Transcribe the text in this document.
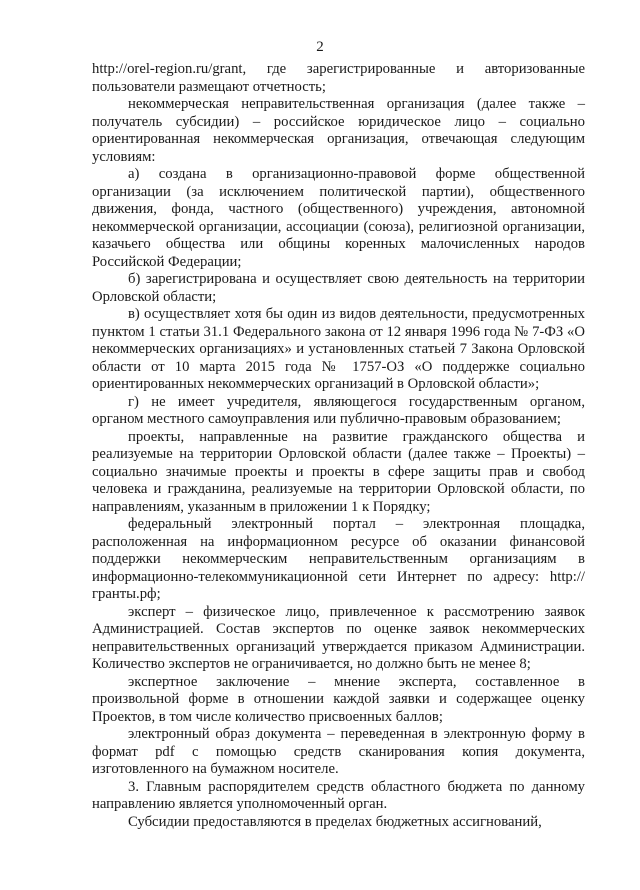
2

http://orel-region.ru/grant, где зарегистрированные и авторизованные пользователи размещают отчетность;

некоммерческая неправительственная организация (далее также – получатель субсидии) – российское юридическое лицо – социально ориентированная некоммерческая организация, отвечающая следующим условиям:

а) создана в организационно-правовой форме общественной организации (за исключением политической партии), общественного движения, фонда, частного (общественного) учреждения, автономной некоммерческой организации, ассоциации (союза), религиозной организации, казачьего общества или общины коренных малочисленных народов Российской Федерации;

б) зарегистрирована и осуществляет свою деятельность на территории Орловской области;

в) осуществляет хотя бы один из видов деятельности, предусмотренных пунктом 1 статьи 31.1 Федерального закона от 12 января 1996 года № 7-ФЗ «О некоммерческих организациях» и установленных статьей 7 Закона Орловской области от 10 марта 2015 года № 1757-ОЗ «О поддержке социально ориентированных некоммерческих организаций в Орловской области»;

г) не имеет учредителя, являющегося государственным органом, органом местного самоуправления или публично-правовым образованием;

проекты, направленные на развитие гражданского общества и реализуемые на территории Орловской области (далее также – Проекты) – социально значимые проекты и проекты в сфере защиты прав и свобод человека и гражданина, реализуемые на территории Орловской области, по направлениям, указанным в приложении 1 к Порядку;

федеральный электронный портал – электронная площадка, расположенная на информационном ресурсе об оказании финансовой поддержки некоммерческим неправительственным организациям в информационно-телекоммуникационной сети Интернет по адресу: http://гранты.рф;

эксперт – физическое лицо, привлеченное к рассмотрению заявок Администрацией. Состав экспертов по оценке заявок некоммерческих неправительственных организаций утверждается приказом Администрации. Количество экспертов не ограничивается, но должно быть не менее 8;

экспертное заключение – мнение эксперта, составленное в произвольной форме в отношении каждой заявки и содержащее оценку Проектов, в том числе количество присвоенных баллов;

электронный образ документа – переведенная в электронную форму в формат pdf с помощью средств сканирования копия документа, изготовленного на бумажном носителе.

3. Главным распорядителем средств областного бюджета по данному направлению является уполномоченный орган.

Субсидии предоставляются в пределах бюджетных ассигнований,
